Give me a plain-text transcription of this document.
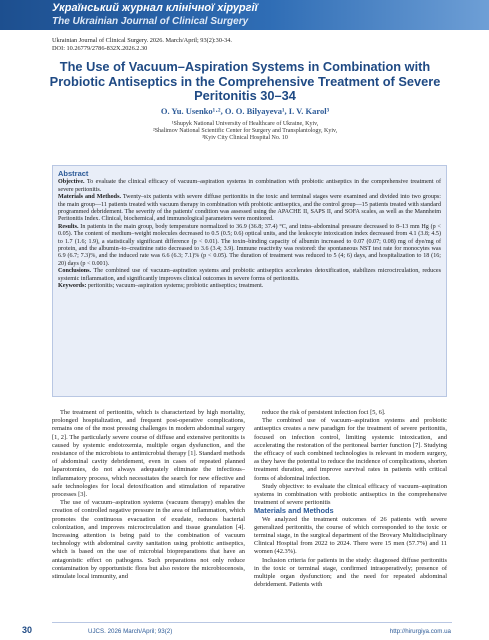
Український журнал клінічної хірургії
The Ukrainian Journal of Clinical Surgery
Ukrainian Journal of Clinical Surgery. 2026. March/April; 93(2):30-34.
DOI: 10.26779/2786-832X.2026.2.30
The Use of Vacuum–Aspiration Systems in Combination with Probiotic Antiseptics in the Comprehensive Treatment of Severe Peritonitis 30–34
O. Yu. Usenko¹·², O. O. Bilyayeva¹, I. V. Karol³
¹Shupyk National University of Healthcare of Ukraine, Kyiv,
²Shalimov National Scientific Center for Surgery and Transplantology, Kyiv,
³Kyiv City Clinical Hospital No. 10
Abstract

Objective. To evaluate the clinical efficacy of vacuum–aspiration systems in combination with probiotic antiseptics in the comprehensive treatment of severe peritonitis.

Materials and Methods. Twenty–six patients with severe diffuse peritonitis in the toxic and terminal stages were examined and divided into two groups: the main group—11 patients treated with vacuum therapy in combination with probiotic antiseptics, and the control group—15 patients treated with standard programmed debridement. The severity of the patients' condition was assessed using the APACHE II, SAPS II, and SOFA scales, as well as the Mannheim Peritonitis Index. Clinical, biochemical, and immunological parameters were monitored.

Results. In patients in the main group, body temperature normalized to 36.9 (36.8; 37.4) °C, and intra–abdominal pressure decreased to 8–13 mm Hg (p < 0.05). The content of medium–weight molecules decreased to 0.5 (0.5; 0.6) optical units, and the leukocyte intoxication index decreased from 4.1 (3.8; 4.5) to 1.7 (1.6; 1.9), a statistically significant difference (p < 0.01). The toxin–binding capacity of albumin increased to 0.07 (0.07; 0.08) mg of dye/mg of protein, and the albumin–to–creatinine ratio decreased to 3.6 (3.4; 3.9). Immune reactivity was restored: the spontaneous NST test rate for monocytes was 6.9 (6.7; 7.3)%, and the induced rate was 6.6 (6.3; 7.1)% (p < 0.05). The duration of treatment was reduced to 5 (4; 6) days, and hospitalization to 18 (16; 20) days (p < 0.001).

Conclusions. The combined use of vacuum–aspiration systems and probiotic antiseptics accelerates detoxification, stabilizes microcirculation, reduces systemic inflammation, and significantly improves clinical outcomes in severe forms of peritonitis.

Keywords: peritonitis; vacuum–aspiration systems; probiotic antiseptics; treatment.

The treatment of peritonitis, which is characterized by high mortality, prolonged hospitalization, and frequent post-operative complications, remains one of the most pressing challenges in modern abdominal surgery [1, 2]. The particularly severe course of diffuse and extensive peritonitis is caused by systemic endotoxemia, multiple organ dysfunction, and the resistance of the microbiota to antimicrobial therapy [1]. Standard methods of abdominal cavity debridement, even in cases of repeated planned laparotomies, do not always adequately eliminate the infectious–inflammatory process, which necessitates the search for new effective and safe technologies for local detoxification and stimulation of reparative processes [3].

The use of vacuum–aspiration systems (vacuum therapy) enables the creation of controlled negative pressure in the area of inflammation, which promotes the continuous evacuation of exudate, reduces bacterial colonization, and improves microcirculation and tissue granulation [4]. Increasing attention is being paid to the combination of vacuum technology with abdominal cavity sanitation using probiotic antiseptics, which is based on the use of microbial biopreparations that have an antagonistic effect on pathogens. Such preparations not only reduce contamination by opportunistic flora but also restore the microbiocenosis, stimulate local immunity, and

reduce the risk of persistent infection foci [5, 6].

The combined use of vacuum–aspiration systems and probiotic antiseptics creates a new paradigm for the treatment of severe peritonitis, focused on infection control, limiting systemic intoxication, and accelerating the restoration of the peritoneal barrier function [7]. Studying the efficacy of such combined technologies is relevant in modern surgery, as they have the potential to reduce the incidence of complications, shorten treatment duration, and improve survival rates in patients with critical forms of abdominal infection.

Study objective: to evaluate the clinical efficacy of vacuum–aspiration systems in combination with probiotic antiseptics in the comprehensive treatment of severe peritonitis

Materials and Methods

We analyzed the treatment outcomes of 26 patients with severe generalized peritonitis, the course of which corresponded to the toxic or terminal stage, in the surgical department of the Brovary Multidisciplinary Clinical Hospital from 2022 to 2024. There were 15 men (57.7%) and 11 women (42.3%).

Inclusion criteria for patients in the study: diagnosed diffuse peritonitis in the toxic or terminal stage, confirmed intraoperatively; presence of multiple organ dysfunction; and the need for repeated abdominal debridement. Patients with

30	UJCS. 2026 March/April; 93(2)	http://hirurgiya.com.ua
